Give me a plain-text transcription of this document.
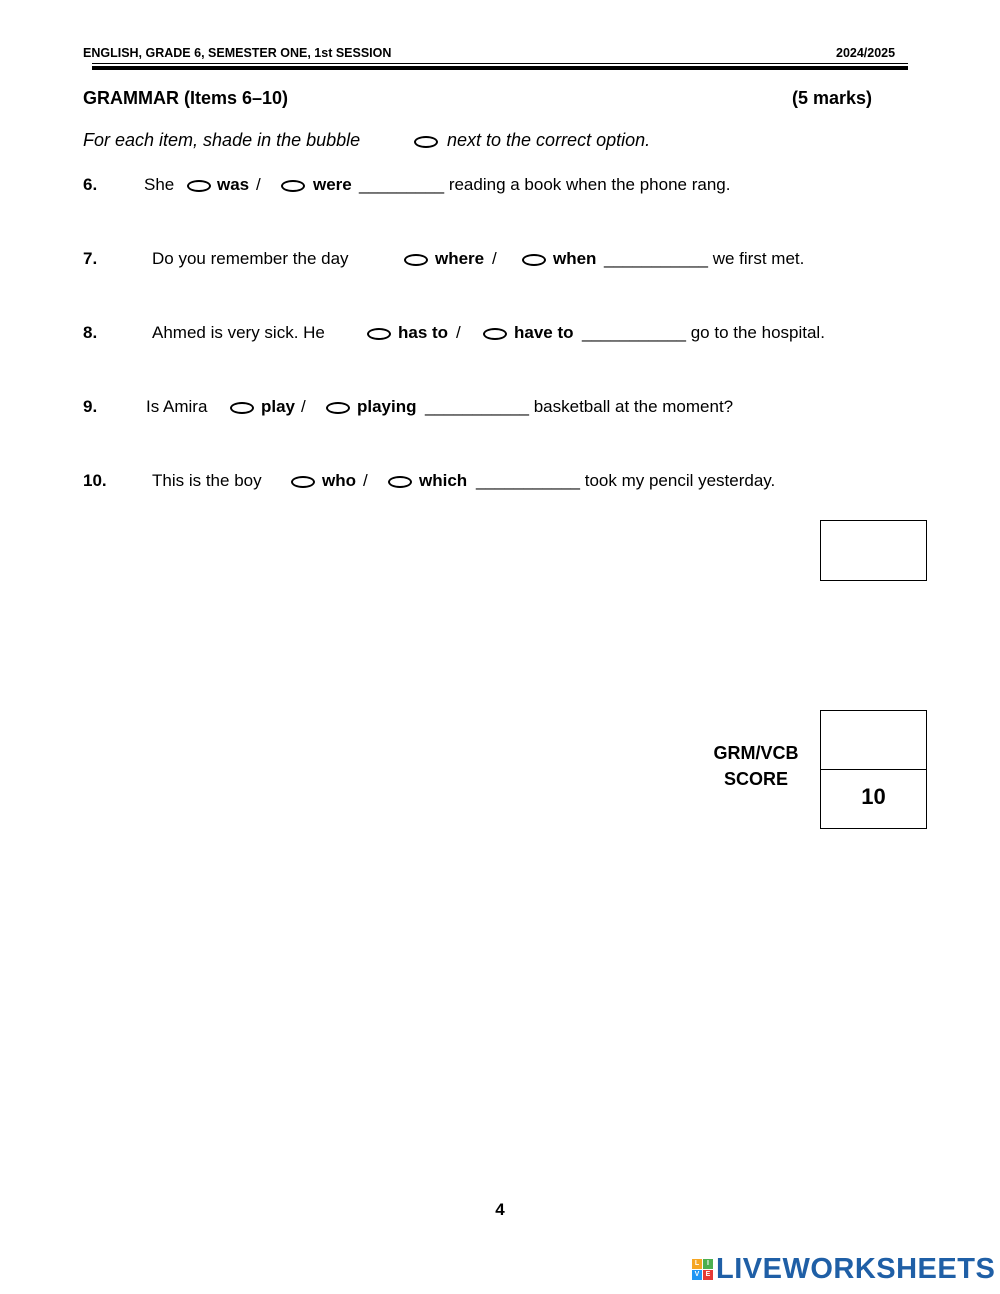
ENGLISH, GRADE 6, SEMESTER ONE, 1st SESSION	2024/2025
GRAMMAR (Items 6–10)	(5 marks)
For each item, shade in the bubble	next to the correct option.
6.	She	was /	were _________ reading a book when the phone rang.
7.	Do you remember the day	where /	when ___________ we first met.
8.	Ahmed is very sick. He	has to /	have to ___________ go to the hospital.
9.	Is Amira	play /	playing ___________ basketball at the moment?
10.	This is the boy	who /	which ___________ took my pencil yesterday.
GRM/VCB
SCORE
10
4
L	I
V E LIVEWORKSHEETS
